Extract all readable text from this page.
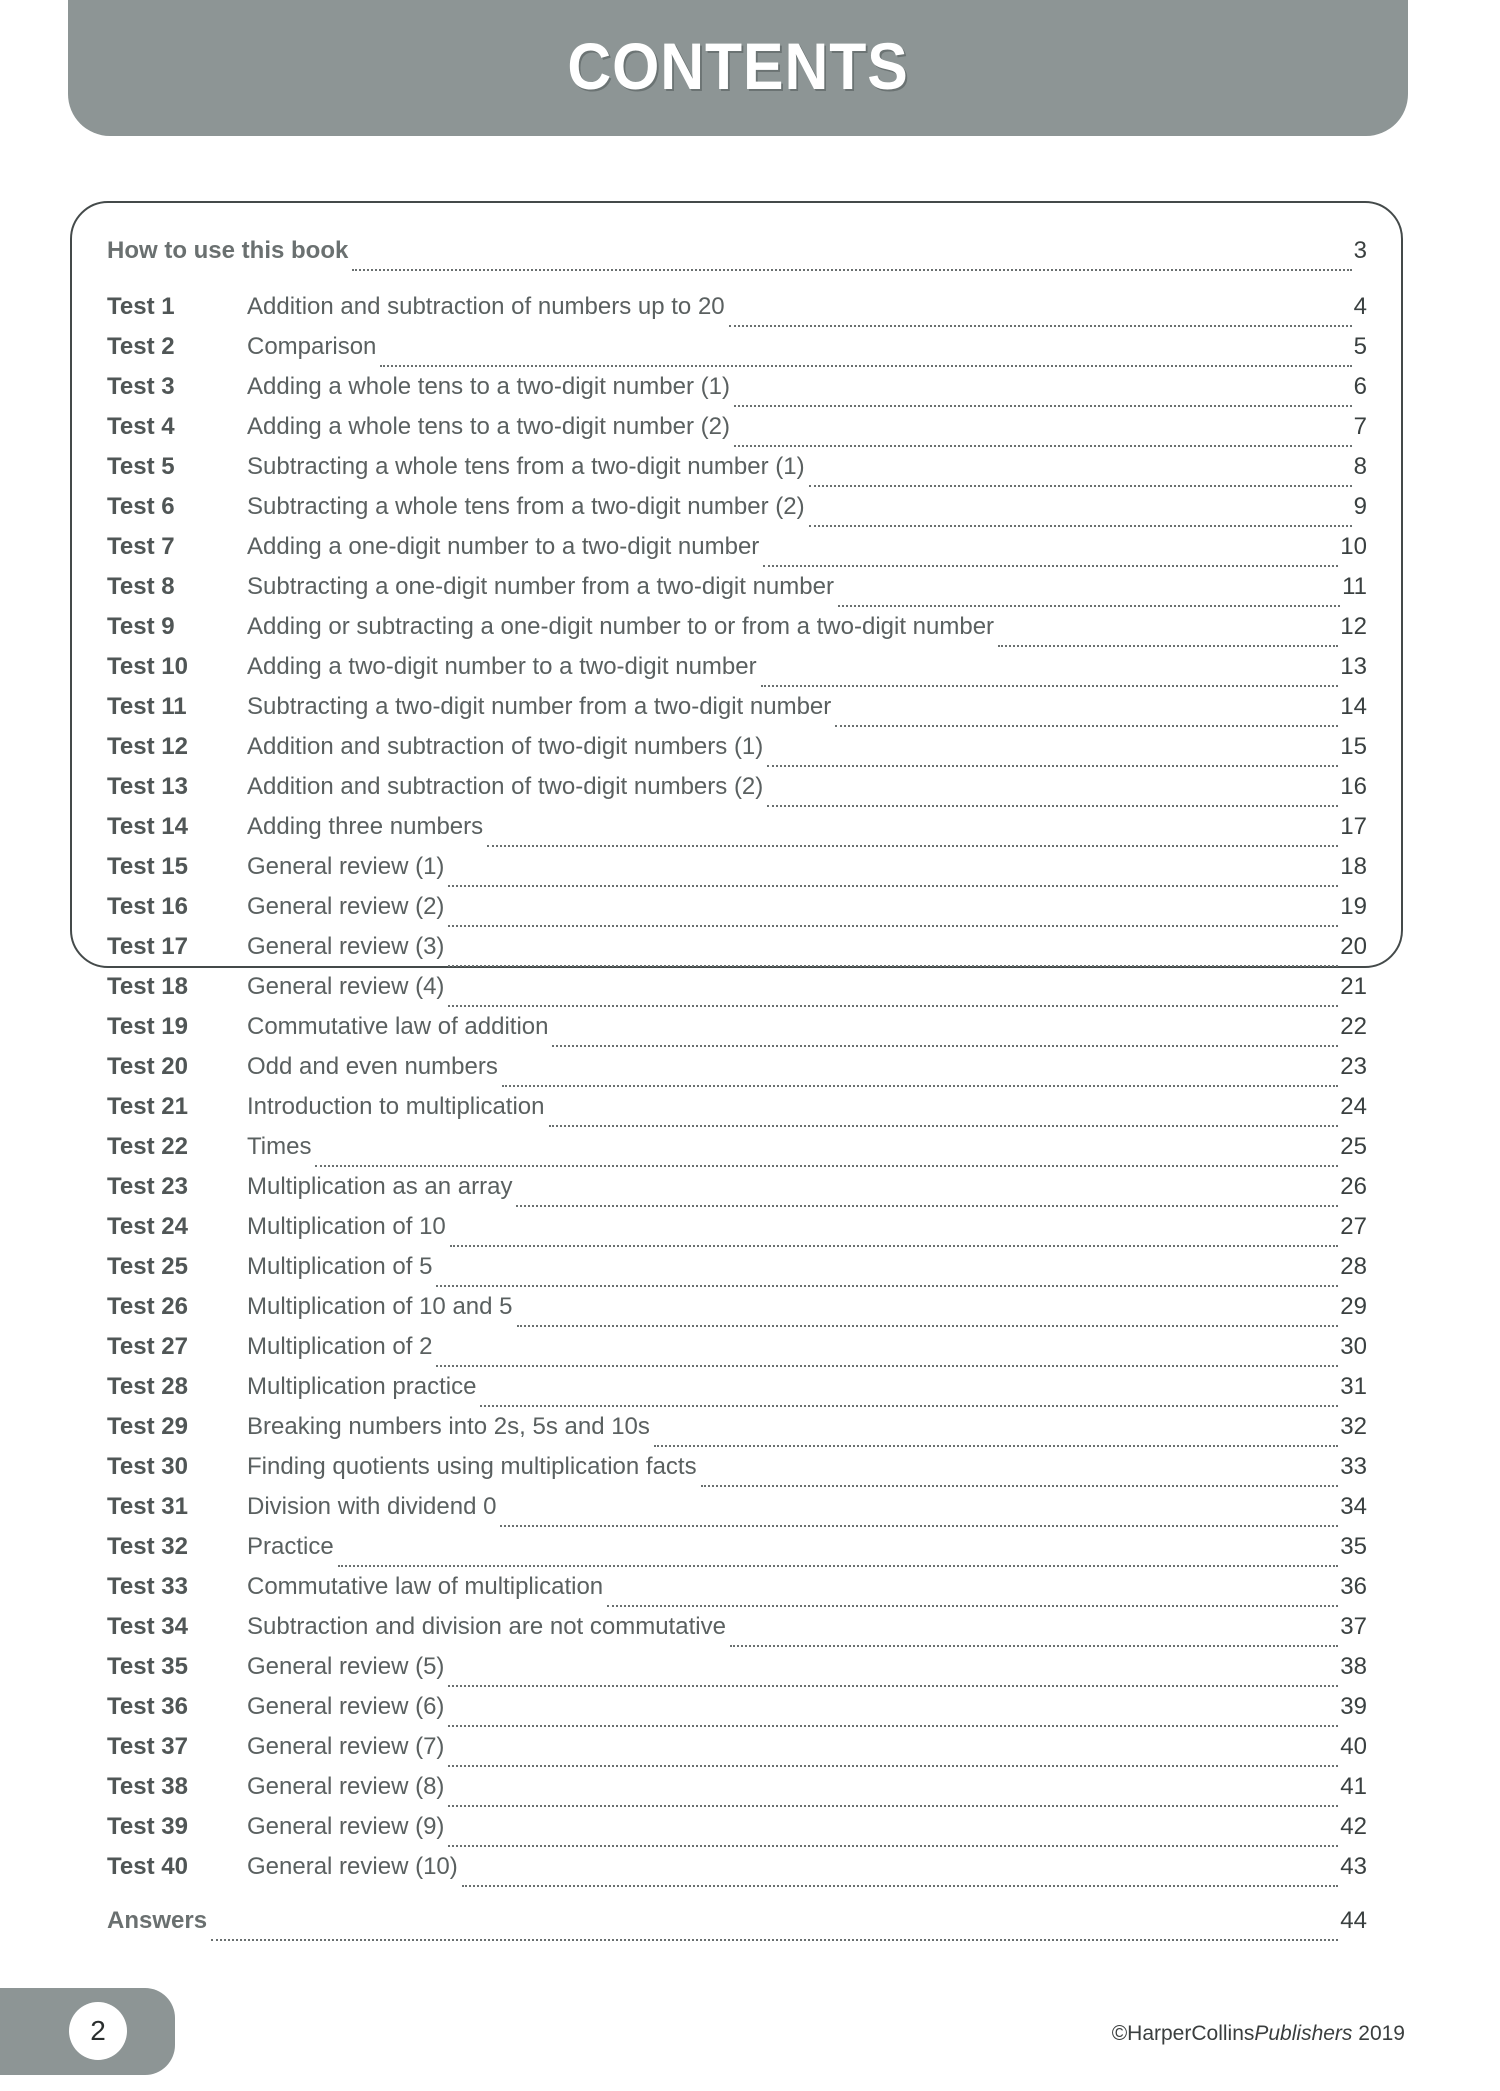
CONTENTS
How to use this book	3
Test 1	Addition and subtraction of numbers up to 20	4
Test 2	Comparison	5
Test 3	Adding a whole tens to a two-digit number (1)	6
Test 4	Adding a whole tens to a two-digit number (2)	7
Test 5	Subtracting a whole tens from a two-digit number (1)	8
Test 6	Subtracting a whole tens from a two-digit number (2)	9
Test 7	Adding a one-digit number to a two-digit number	10
Test 8	Subtracting a one-digit number from a two-digit number	11
Test 9	Adding or subtracting a one-digit number to or from a two-digit number	12
Test 10	Adding a two-digit number to a two-digit number	13
Test 11	Subtracting a two-digit number from a two-digit number	14
Test 12	Addition and subtraction of two-digit numbers (1)	15
Test 13	Addition and subtraction of two-digit numbers (2)	16
Test 14	Adding three numbers	17
Test 15	General review (1)	18
Test 16	General review (2)	19
Test 17	General review (3)	20
Test 18	General review (4)	21
Test 19	Commutative law of addition	22
Test 20	Odd and even numbers	23
Test 21	Introduction to multiplication	24
Test 22	Times	25
Test 23	Multiplication as an array	26
Test 24	Multiplication of 10	27
Test 25	Multiplication of 5	28
Test 26	Multiplication of 10 and 5	29
Test 27	Multiplication of 2	30
Test 28	Multiplication practice	31
Test 29	Breaking numbers into 2s, 5s and 10s	32
Test 30	Finding quotients using multiplication facts	33
Test 31	Division with dividend 0	34
Test 32	Practice	35
Test 33	Commutative law of multiplication	36
Test 34	Subtraction and division are not commutative	37
Test 35	General review (5)	38
Test 36	General review (6)	39
Test 37	General review (7)	40
Test 38	General review (8)	41
Test 39	General review (9)	42
Test 40	General review (10)	43
Answers	44
2	©HarperCollinsPublishers 2019
